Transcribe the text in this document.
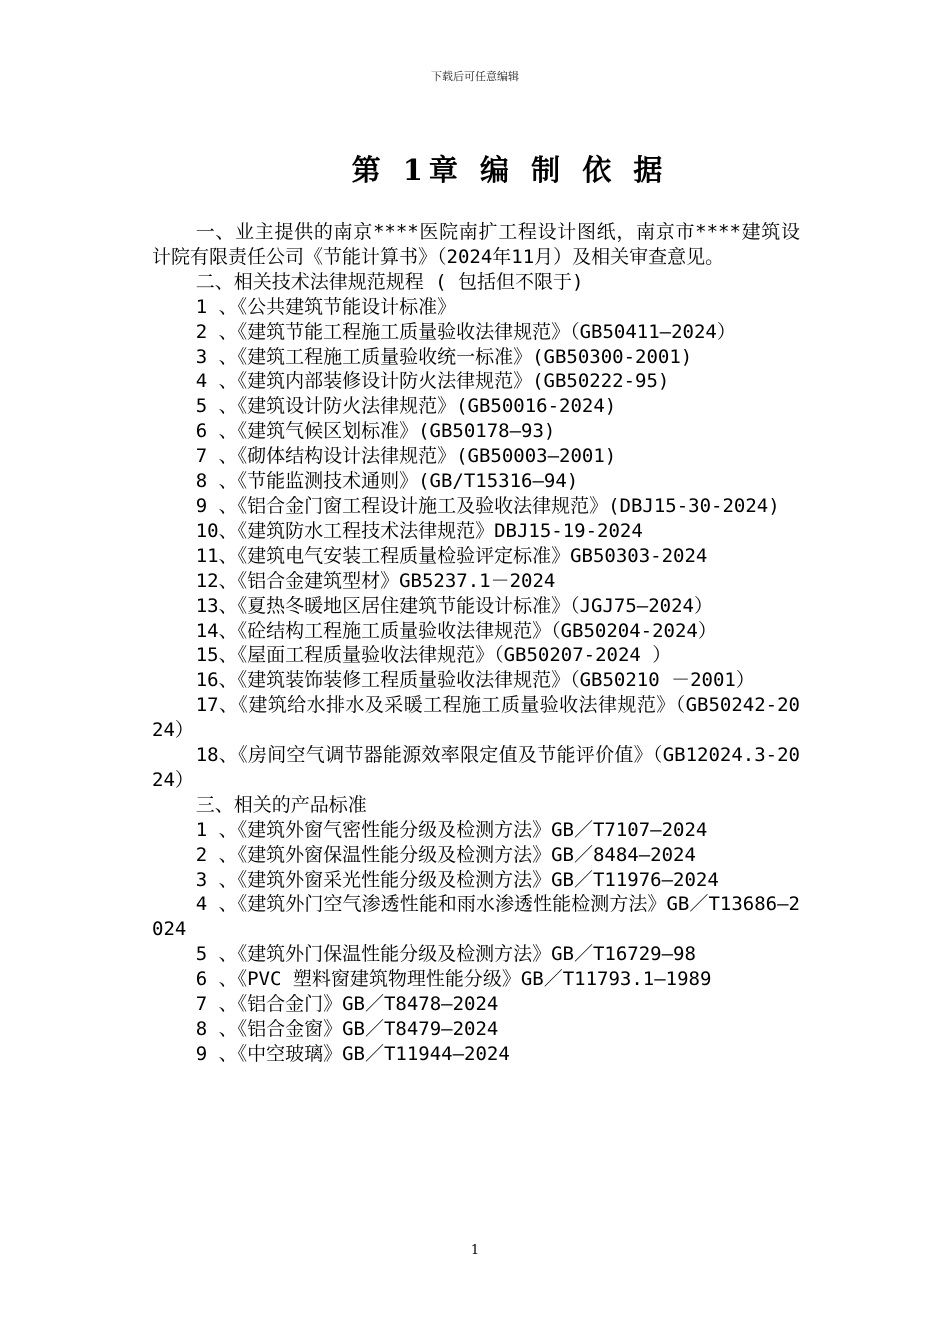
下载后可任意编辑
第 1章 编 制 依 据

一、业主提供的南京****医院南扩工程设计图纸，南京市****建筑设计院有限责任公司《节能计算书》（2024年11月）及相关审查意见。

二、相关技术法律规范规程 ( 包括但不限于)

1 、《公共建筑节能设计标准》

2 、《建筑节能工程施工质量验收法律规范》（GB50411—2024）

3 、《建筑工程施工质量验收统一标准》(GB50300-2001)

4 、《建筑内部装修设计防火法律规范》(GB50222-95)

5 、《建筑设计防火法律规范》(GB50016-2024)

6 、《建筑气候区划标准》(GB50178—93)

7 、《砌体结构设计法律规范》(GB50003—2001)

8 、《节能监测技术通则》(GB/T15316—94)

9 、《铝合金门窗工程设计施工及验收法律规范》(DBJ15-30-2024)

10、《建筑防水工程技术法律规范》DBJ15-19-2024

11、《建筑电气安装工程质量检验评定标准》GB50303-2024

12、《铝合金建筑型材》GB5237.1－2024

13、《夏热冬暖地区居住建筑节能设计标准》（JGJ75—2024）

14、《砼结构工程施工质量验收法律规范》（GB50204-2024）

15、《屋面工程质量验收法律规范》（GB50207-2024 ）

16、《建筑装饰装修工程质量验收法律规范》（GB50210 －2001）

17、《建筑给水排水及采暖工程施工质量验收法律规范》（GB50242-2024）

18、《房间空气调节器能源效率限定值及节能评价值》（GB12024.3-2024）

三、相关的产品标准

1 、《建筑外窗气密性能分级及检测方法》GB／T7107—2024

2 、《建筑外窗保温性能分级及检测方法》GB／8484—2024

3 、《建筑外窗采光性能分级及检测方法》GB／T11976—2024

4 、《建筑外门空气渗透性能和雨水渗透性能检测方法》GB／T13686—2024

5 、《建筑外门保温性能分级及检测方法》GB／T16729—98

6 、《PVC 塑料窗建筑物理性能分级》GB／T11793.1—1989

7 、《铝合金门》GB／T8478—2024

8 、《铝合金窗》GB／T8479—2024

9 、《中空玻璃》GB／T11944—2024

1
